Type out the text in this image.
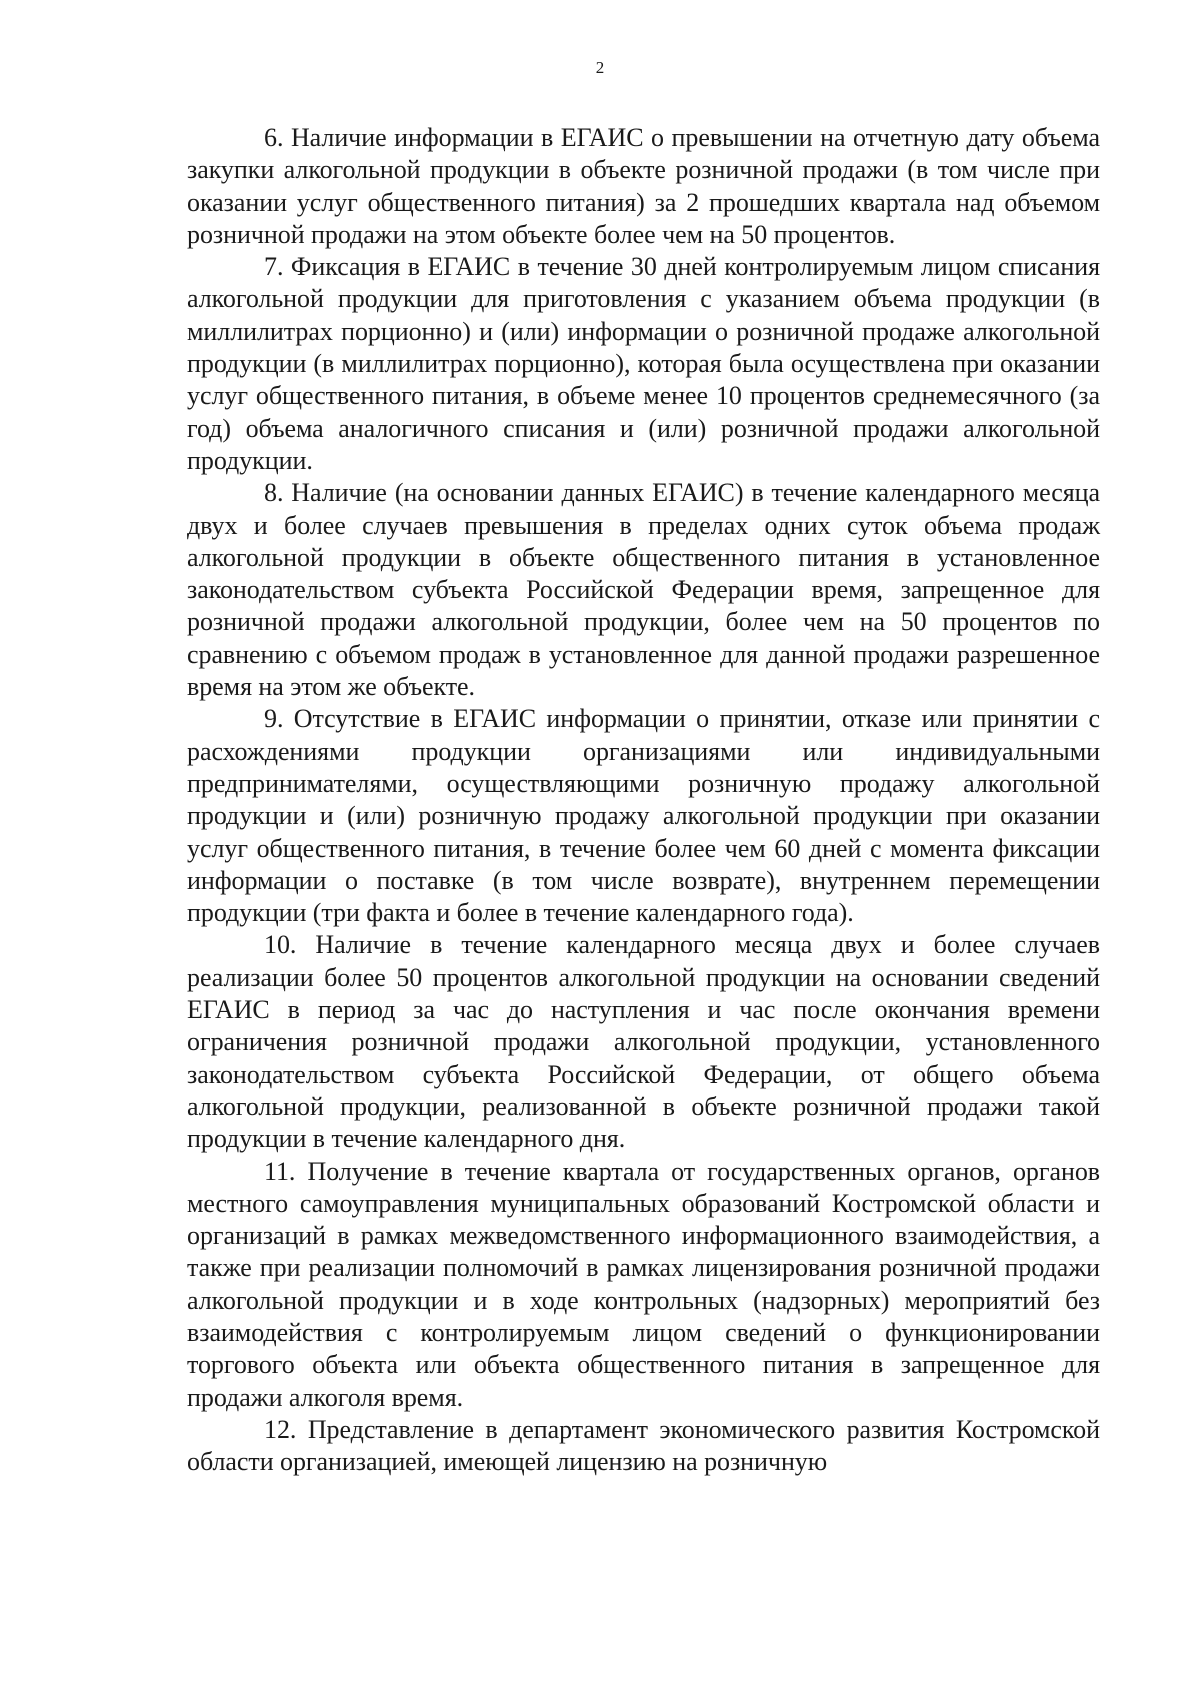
2

6. Наличие информации в ЕГАИС о превышении на отчетную дату объема закупки алкогольной продукции в объекте розничной продажи (в том числе при оказании услуг общественного питания) за 2 прошедших квартала над объемом розничной продажи на этом объекте более чем на 50 процентов.

7. Фиксация в ЕГАИС в течение 30 дней контролируемым лицом списания алкогольной продукции для приготовления с указанием объема продукции (в миллилитрах порционно) и (или) информации о розничной продаже алкогольной продукции (в миллилитрах порционно), которая была осуществлена при оказании услуг общественного питания, в объеме менее 10 процентов среднемесячного (за год) объема аналогичного списания и (или) розничной продажи алкогольной продукции.

8. Наличие (на основании данных ЕГАИС) в течение календарного месяца двух и более случаев превышения в пределах одних суток объема продаж алкогольной продукции в объекте общественного питания в установленное законодательством субъекта Российской Федерации время, запрещенное для розничной продажи алкогольной продукции, более чем на 50 процентов по сравнению с объемом продаж в установленное для данной продажи разрешенное время на этом же объекте.

9. Отсутствие в ЕГАИС информации о принятии, отказе или принятии с расхождениями продукции организациями или индивидуальными предпринимателями, осуществляющими розничную продажу алкогольной продукции и (или) розничную продажу алкогольной продукции при оказании услуг общественного питания, в течение более чем 60 дней с момента фиксации информации о поставке (в том числе возврате), внутреннем перемещении продукции (три факта и более в течение календарного года).

10. Наличие в течение календарного месяца двух и более случаев реализации более 50 процентов алкогольной продукции на основании сведений ЕГАИС в период за час до наступления и час после окончания времени ограничения розничной продажи алкогольной продукции, установленного законодательством субъекта Российской Федерации, от общего объема алкогольной продукции, реализованной в объекте розничной продажи такой продукции в течение календарного дня.

11. Получение в течение квартала от государственных органов, органов местного самоуправления муниципальных образований Костромской области и организаций в рамках межведомственного информационного взаимодействия, а также при реализации полномочий в рамках лицензирования розничной продажи алкогольной продукции и в ходе контрольных (надзорных) мероприятий без взаимодействия с контролируемым лицом сведений о функционировании торгового объекта или объекта общественного питания в запрещенное для продажи алкоголя время.

12. Представление в департамент экономического развития Костромской области организацией, имеющей лицензию на розничную
